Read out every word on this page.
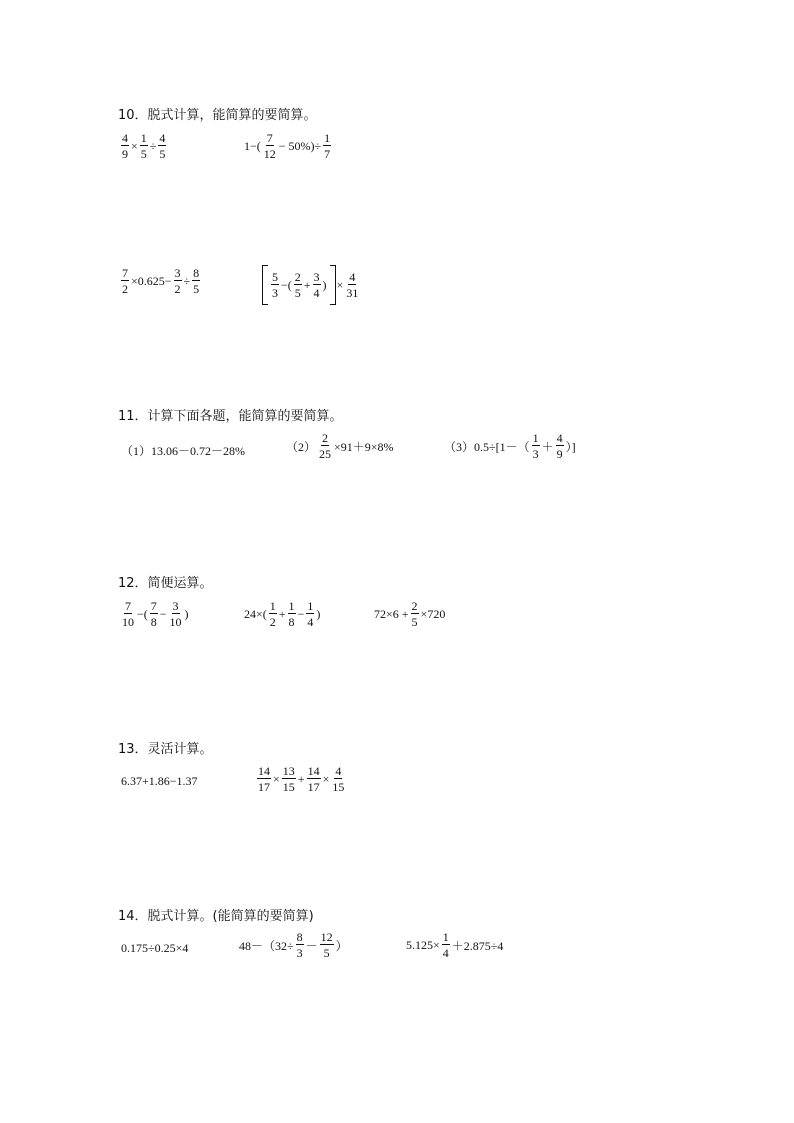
10．脱式计算，能简算的要简算。
$\frac{4}{9} \times \frac{1}{5} \div \frac{4}{5}$	$1-( \frac{7}{12} - 50\%)\div \frac{1}{7}$
$\frac{7}{2} \times 0.625- \frac{3}{2} \div \frac{8}{5}$	$\frac{5}{3}$ −( $\frac{2}{5} + \frac{3}{4}$ ) × $\frac{4}{31}$
11．计算下面各题，能简算的要简算。
（1）13.06－0.72－28%	$(2) \frac{2}{25} \times 91+9\times 8\%$	$(3)0.5\div[1-( \frac{1}{3} + \frac{4}{9}$ ）]
12．简便运算。
$\frac{7}{10}$ −( $\frac{7}{8} - \frac{3}{10}$ )	$24\times( \frac{1}{2} + \frac{1}{8} - \frac{1}{4}$ )	$72\times 6 + \frac{2}{5} \times 720$
13．灵活计算。
6.37+1.86−1.37	$\frac{14}{17} \times \frac{13}{15} + \frac{14}{17} \times \frac{4}{15}$
14．脱式计算。(能简算的要简算)
0.175÷0.25×4	$48-(32\div \frac{8}{3} - \frac{12}{5}$ ）	$5.125\times \frac{1}{4} +2.875\div 4$
